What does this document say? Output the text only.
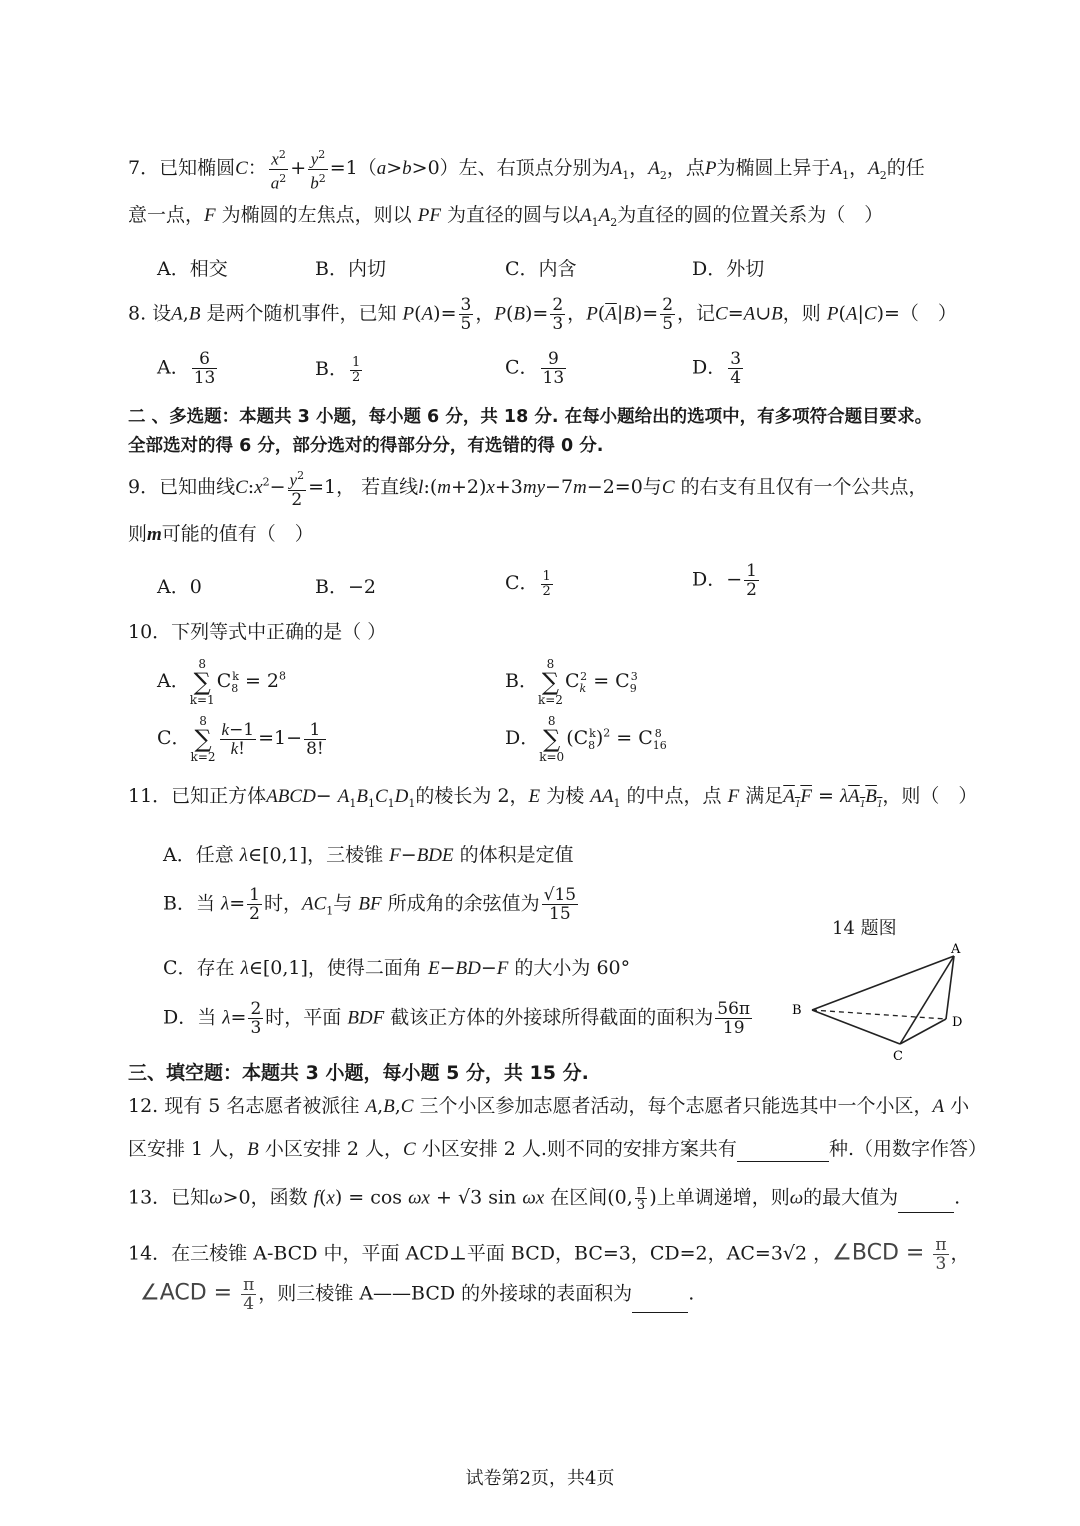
7．已知椭圆C： $\frac{x^2}{a^2} + \frac{y^2}{b^2} =1(a>b>0)$左、右顶点分别为$A_1$，$A_2$，点P为椭圆上异于$A_1$，$A_2$的任
意一点，F 为椭圆的左焦点，则以 PF 为直径的圆与以$A_1A_2$为直径的圆的位置关系为（　）
A．相交	B．内切	C．内含	D．外切
8. 设A,B 是两个随机事件，已知 $P(A)= \frac{3}{5}$ ，$P(B)= \frac{2}{3}$ ，$P(\overline{A}|B)= \frac{2}{5}$ ，记C=A∪B，则 P(A|C)=（　）
A． $\frac{6}{13}$	B． $\frac{1}{2}$	C． $\frac{9}{13}$	D． $\frac{3}{4}$
二 、多选题：本题共 3 小题，每小题 6 分，共 18 分. 在每小题给出的选项中，有多项符合题目要求。
全部选对的得 6 分，部分选对的得部分分，有选错的得 0 分.
9．已知曲线$C:x^2- \frac{y^2}{2} =1$， 若直线l:(m+2)x+3my−7m−2=0与C 的右支有且仅有一个公共点，
则m可能的值有（　）
A．0	B．−2	C． $\frac{1}{2}$	D．− $\frac{1}{2}$
10．下列等式中正确的是（ ）
A．8
∑
$k=1C_8^k = 2^8$	B．8
∑
$k=2C_k^2 = C_9^3$
C．8
∑
$k=2 \frac{k-1}{k!} =1- \frac{1}{8!}$	D．8
∑
$k=0(C_8^k)^2 = C_{16}^8$
11．已知正方体ABCD− $A_1B_1C_1D_1$的棱长为 2，E 为棱 $AA_1$ 的中点，点 F 满足$A_1F = \lambda A_1B_1$，则（　）
A．任意 λ∈[0,1]，三棱锥 F−BDE 的体积是定值
B．当 $\lambda= \frac{1}{2}$ 时，$AC_1$与 BF 所成角的余弦值为 $\frac{√15}{15}$
C．存在 λ∈[0,1]，使得二面角 E−BD−F 的大小为 60°
D．当 $\lambda= \frac{2}{3}$ 时，平面 BDF 截该正方体的外接球所得截面的面积为 $\frac{56\pi}{19}$
14 题图
A
B
C
D
三、填空题：本题共 3 小题，每小题 5 分，共 15 分.
12. 现有 5 名志愿者被派往 A,B,C 三个小区参加志愿者活动，每个志愿者只能选其中一个小区，A 小
区安排 1 人，B 小区安排 2 人，C 小区安排 2 人.则不同的安排方案共有	种.（用数字作答）
13．已知ω>0，函数 f(x) = cos ωx + √3 sin ωx 在区间(0, $\frac{\pi}{3}$ )上单调递增，则ω的最大值为	.
14．在三棱锥 A-BCD 中，平面 ACD⊥平面 BCD，BC=3，CD=2，AC=3√2 ，∠BCD = $\frac{\pi}{3}$ ，
∠ACD = $\frac{\pi}{4}$ ，则三棱锥 A——BCD 的外接球的表面积为	.
试卷第2页，共4页
